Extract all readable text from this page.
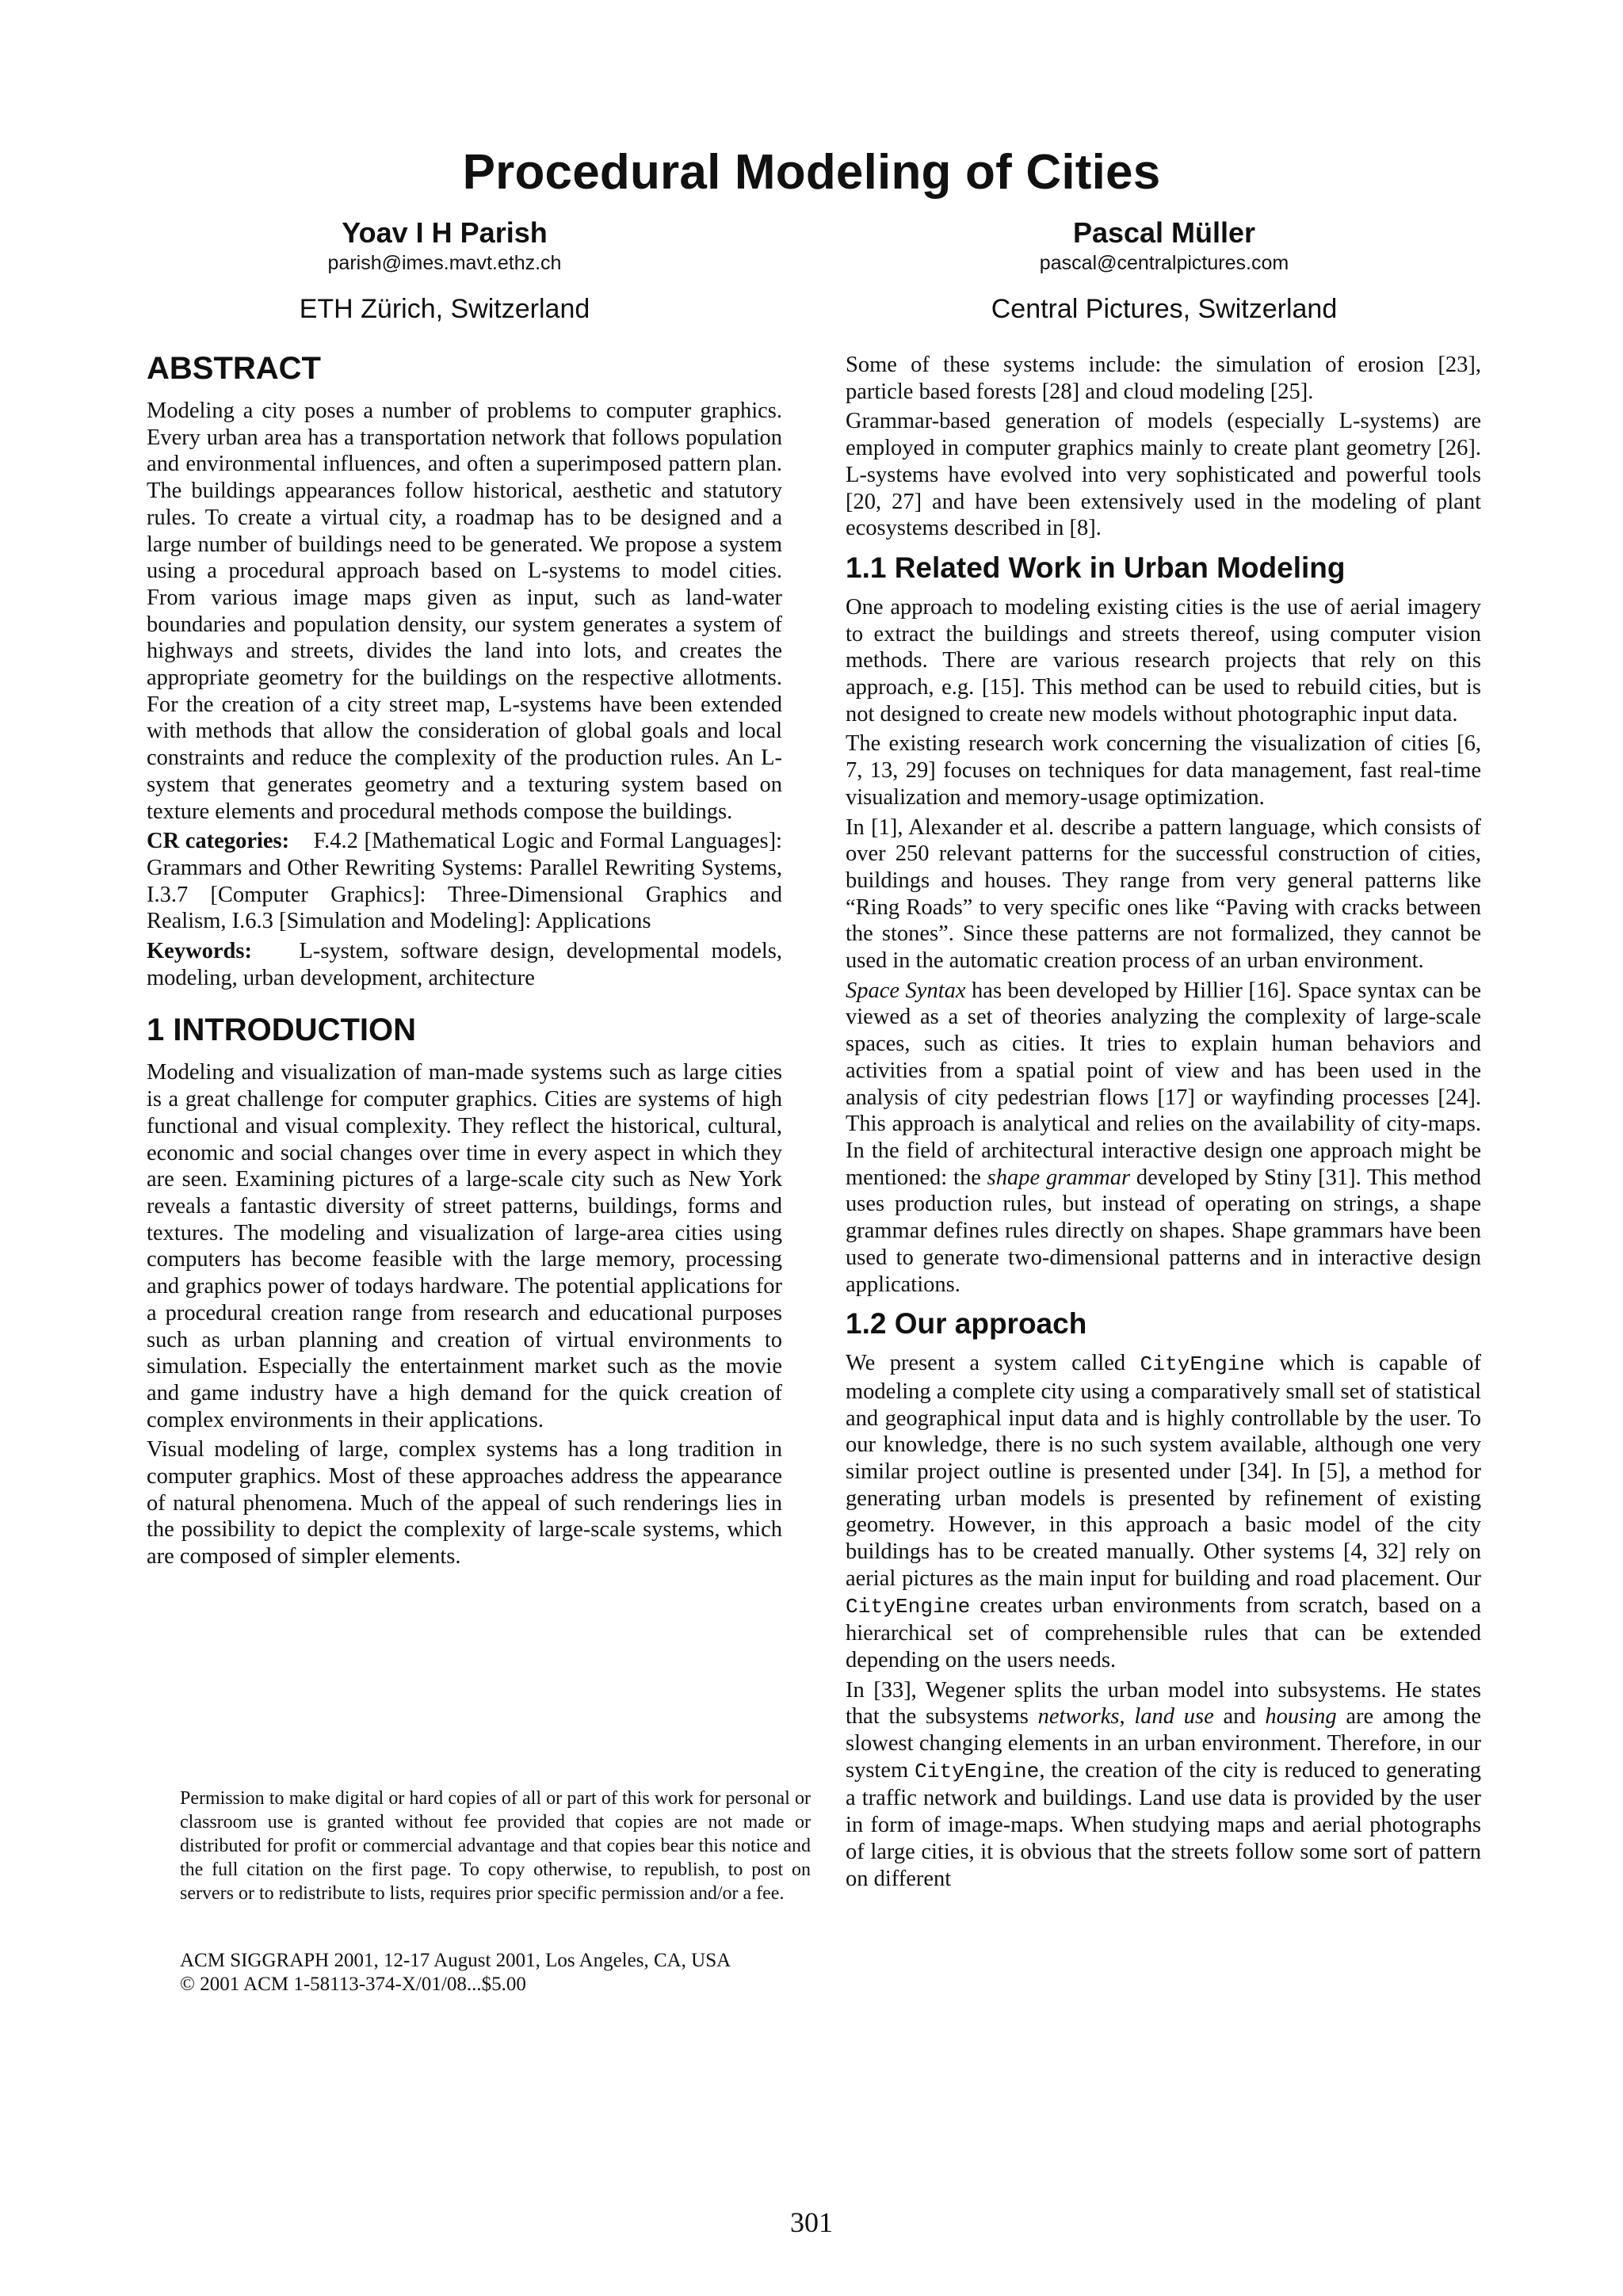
Procedural Modeling of Cities
Yoav I H Parish
parish@imes.mavt.ethz.ch
ETH Zürich, Switzerland
Pascal Müller
pascal@centralpictures.com
Central Pictures, Switzerland
ABSTRACT

Modeling a city poses a number of problems to computer graphics. Every urban area has a transportation network that follows population and environmental influences, and often a superimposed pattern plan. The buildings appearances follow historical, aesthetic and statutory rules. To create a virtual city, a roadmap has to be designed and a large number of buildings need to be generated. We propose a system using a procedural approach based on L-systems to model cities. From various image maps given as input, such as land-water boundaries and population density, our system generates a system of highways and streets, divides the land into lots, and creates the appropriate geometry for the buildings on the respective allotments. For the creation of a city street map, L-systems have been extended with methods that allow the consideration of global goals and local constraints and reduce the complexity of the production rules. An L-system that generates geometry and a texturing system based on texture elements and procedural methods compose the buildings.

CR categories: F.4.2 [Mathematical Logic and Formal Languages]: Grammars and Other Rewriting Systems: Parallel Rewriting Systems, I.3.7 [Computer Graphics]: Three-Dimensional Graphics and Realism, I.6.3 [Simulation and Modeling]: Applications

Keywords: L-system, software design, developmental models, modeling, urban development, architecture

1 INTRODUCTION

Modeling and visualization of man-made systems such as large cities is a great challenge for computer graphics. Cities are systems of high functional and visual complexity. They reflect the historical, cultural, economic and social changes over time in every aspect in which they are seen. Examining pictures of a large-scale city such as New York reveals a fantastic diversity of street patterns, buildings, forms and textures. The modeling and visualization of large-area cities using computers has become feasible with the large memory, processing and graphics power of todays hardware. The potential applications for a procedural creation range from research and educational purposes such as urban planning and creation of virtual environments to simulation. Especially the entertainment market such as the movie and game industry have a high demand for the quick creation of complex environments in their applications.

Visual modeling of large, complex systems has a long tradition in computer graphics. Most of these approaches address the appearance of natural phenomena. Much of the appeal of such renderings lies in the possibility to depict the complexity of large-scale systems, which are composed of simpler elements.

Permission to make digital or hard copies of all or part of this work for personal or classroom use is granted without fee provided that copies are not made or distributed for profit or commercial advantage and that copies bear this notice and the full citation on the first page. To copy otherwise, to republish, to post on servers or to redistribute to lists, requires prior specific permission and/or a fee.

ACM SIGGRAPH 2001, 12-17 August 2001, Los Angeles, CA, USA

© 2001 ACM 1-58113-374-X/01/08...$5.00

Some of these systems include: the simulation of erosion [23], particle based forests [28] and cloud modeling [25].

Grammar-based generation of models (especially L-systems) are employed in computer graphics mainly to create plant geometry [26]. L-systems have evolved into very sophisticated and powerful tools [20, 27] and have been extensively used in the modeling of plant ecosystems described in [8].

1.1 Related Work in Urban Modeling

One approach to modeling existing cities is the use of aerial imagery to extract the buildings and streets thereof, using computer vision methods. There are various research projects that rely on this approach, e.g. [15]. This method can be used to rebuild cities, but is not designed to create new models without photographic input data.

The existing research work concerning the visualization of cities [6, 7, 13, 29] focuses on techniques for data management, fast real-time visualization and memory-usage optimization.

In [1], Alexander et al. describe a pattern language, which consists of over 250 relevant patterns for the successful construction of cities, buildings and houses. They range from very general patterns like “Ring Roads” to very specific ones like “Paving with cracks between the stones”. Since these patterns are not formalized, they cannot be used in the automatic creation process of an urban environment.

Space Syntax has been developed by Hillier [16]. Space syntax can be viewed as a set of theories analyzing the complexity of large-scale spaces, such as cities. It tries to explain human behaviors and activities from a spatial point of view and has been used in the analysis of city pedestrian flows [17] or wayfinding processes [24]. This approach is analytical and relies on the availability of city-maps. In the field of architectural interactive design one approach might be mentioned: the shape grammar developed by Stiny [31]. This method uses production rules, but instead of operating on strings, a shape grammar defines rules directly on shapes. Shape grammars have been used to generate two-dimensional patterns and in interactive design applications.

1.2 Our approach

We present a system called CityEngine which is capable of modeling a complete city using a comparatively small set of statistical and geographical input data and is highly controllable by the user. To our knowledge, there is no such system available, although one very similar project outline is presented under [34]. In [5], a method for generating urban models is presented by refinement of existing geometry. However, in this approach a basic model of the city buildings has to be created manually. Other systems [4, 32] rely on aerial pictures as the main input for building and road placement. Our CityEngine creates urban environments from scratch, based on a hierarchical set of comprehensible rules that can be extended depending on the users needs.

In [33], Wegener splits the urban model into subsystems. He states that the subsystems networks, land use and housing are among the slowest changing elements in an urban environment. Therefore, in our system CityEngine, the creation of the city is reduced to generating a traffic network and buildings. Land use data is provided by the user in form of image-maps. When studying maps and aerial photographs of large cities, it is obvious that the streets follow some sort of pattern on different

301
